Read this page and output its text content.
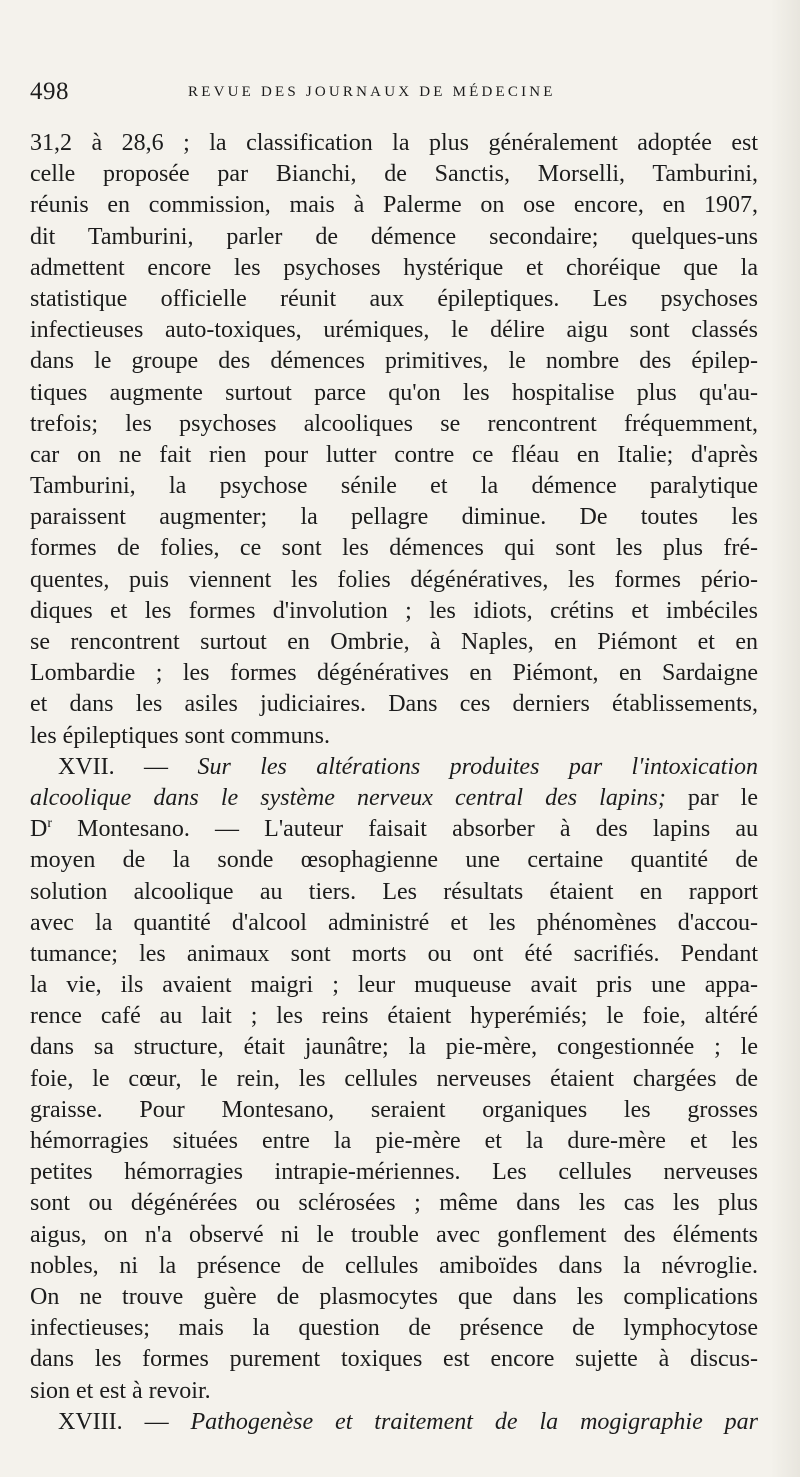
498	REVUE DES JOURNAUX DE MÉDECINE
31,2 à 28,6 ; la classification la plus généralement adoptée est
celle proposée par Bianchi, de Sanctis, Morselli, Tamburini,
réunis en commission, mais à Palerme on ose encore, en 1907,
dit Tamburini, parler de démence secondaire; quelques-uns
admettent encore les psychoses hystérique et choréique que la
statistique officielle réunit aux épileptiques. Les psychoses
infectieuses auto-toxiques, urémiques, le délire aigu sont classés
dans le groupe des démences primitives, le nombre des épilep-
tiques augmente surtout parce qu'on les hospitalise plus qu'au-
trefois; les psychoses alcooliques se rencontrent fréquemment,
car on ne fait rien pour lutter contre ce fléau en Italie; d'après
Tamburini, la psychose sénile et la démence paralytique
paraissent augmenter; la pellagre diminue. De toutes les
formes de folies, ce sont les démences qui sont les plus fré-
quentes, puis viennent les folies dégénératives, les formes pério-
diques et les formes d'involution ; les idiots, crétins et imbéciles
se rencontrent surtout en Ombrie, à Naples, en Piémont et en
Lombardie ; les formes dégénératives en Piémont, en Sardaigne
et dans les asiles judiciaires. Dans ces derniers établissements,
les épileptiques sont communs.
XVII. — Sur les altérations produites par l'intoxication
alcoolique dans le système nerveux central des lapins; par le
$D^r$ Montesano. — L'auteur faisait absorber à des lapins au
moyen de la sonde œsophagienne une certaine quantité de
solution alcoolique au tiers. Les résultats étaient en rapport
avec la quantité d'alcool administré et les phénomènes d'accou-
tumance; les animaux sont morts ou ont été sacrifiés. Pendant
la vie, ils avaient maigri ; leur muqueuse avait pris une appa-
rence café au lait ; les reins étaient hyperémiés; le foie, altéré
dans sa structure, était jaunâtre; la pie-mère, congestionnée ; le
foie, le cœur, le rein, les cellules nerveuses étaient chargées de
graisse. Pour Montesano, seraient organiques les grosses
hémorragies situées entre la pie-mère et la dure-mère et les
petites hémorragies intrapie-mériennes. Les cellules nerveuses
sont ou dégénérées ou sclérosées ; même dans les cas les plus
aigus, on n'a observé ni le trouble avec gonflement des éléments
nobles, ni la présence de cellules amiboïdes dans la névroglie.
On ne trouve guère de plasmocytes que dans les complications
infectieuses; mais la question de présence de lymphocytose
dans les formes purement toxiques est encore sujette à discus-
sion et est à revoir.
XVIII. — Pathogenèse et traitement de la mogigraphie par
